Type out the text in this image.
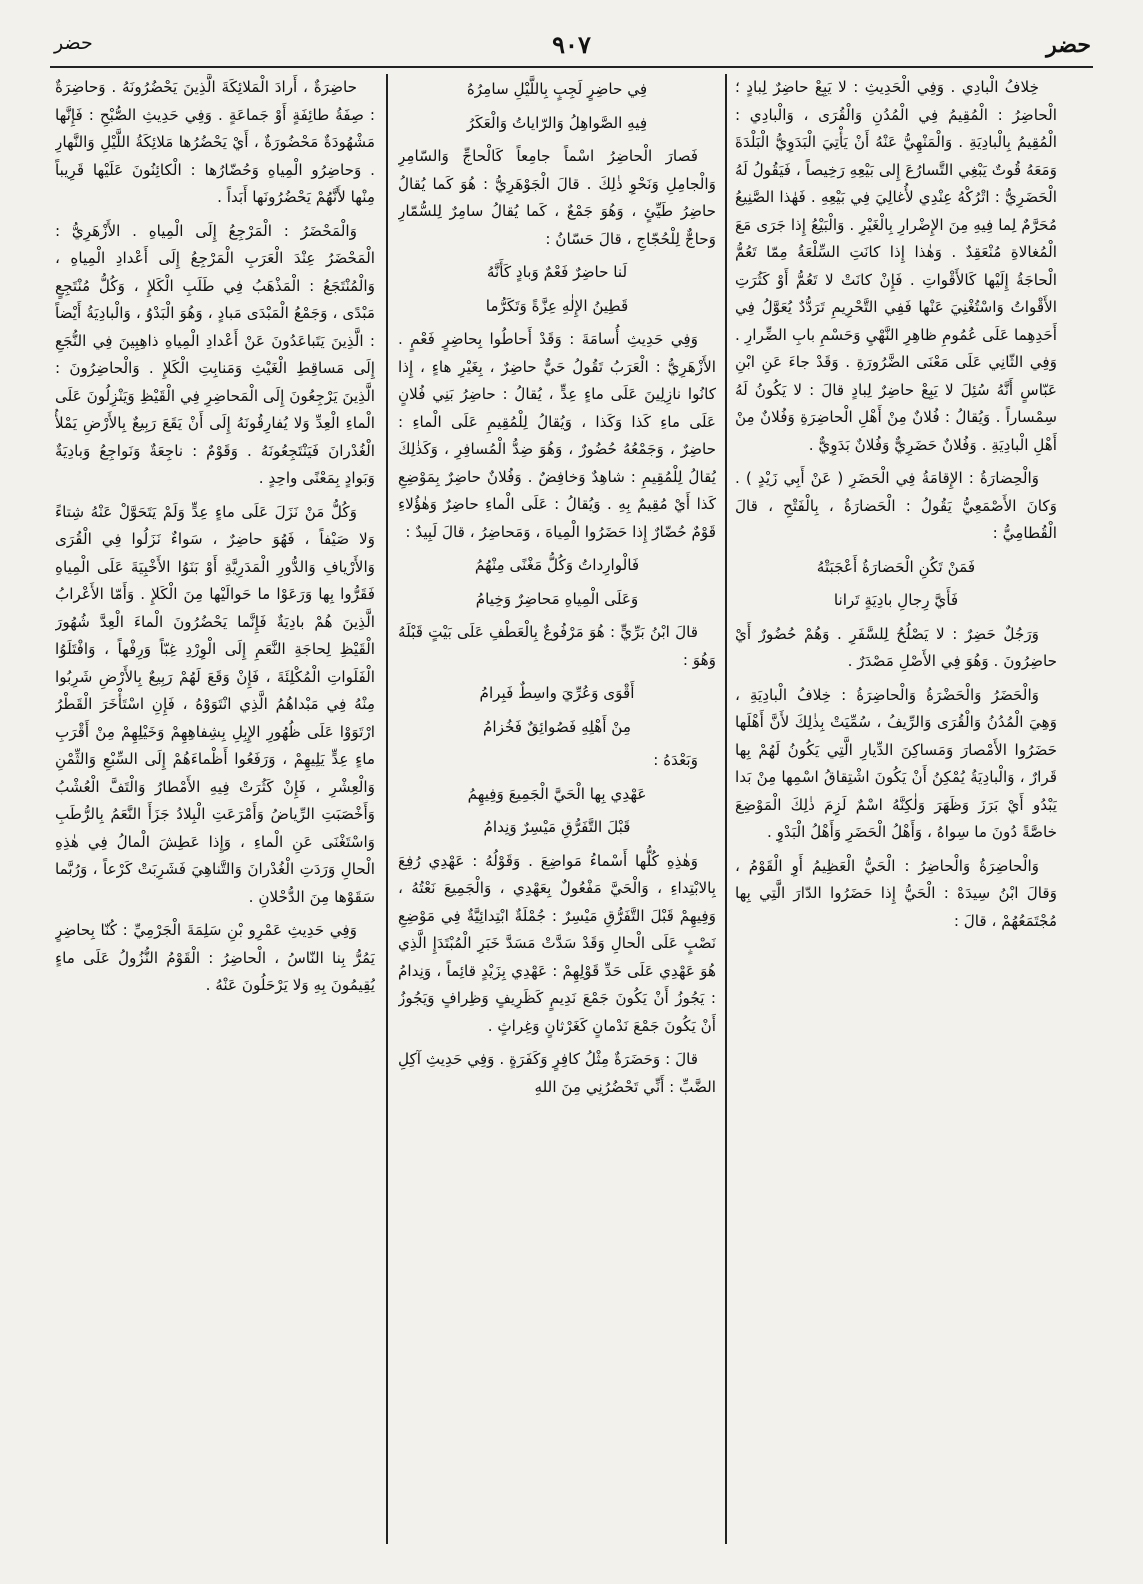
حضر	٩٠٧	حضر

خِلافُ الْبادِي . وَفِي الْحَدِيثِ : لا يَبِعْ حاضِرٌ لِبادٍ ؛ الْحاضِرُ : الْمُقِيمُ فِي الْمُدُنِ وَالْقُرَى ، وَالْبادِي : الْمُقِيمُ بِالْبادِيَةِ . وَالْمَنْهِيُّ عَنْهُ أَنْ يَأْتِيَ الْبَدَوِيُّ الْبَلْدَةَ وَمَعَهُ قُوتٌ يَبْغِي التَّسارُعَ إِلى بَيْعِهِ رَخِيصاً ، فَيَقُولُ لَهُ الْحَضَرِيُّ : اتْرُكْهُ عِنْدِي لأُغالِيَ فِي بَيْعِهِ . فَهٰذا الصَّنِيعُ مُحَرَّمٌ لِما فِيهِ مِنَ الإِضْرارِ بِالْغَيْرِ . وَالْبَيْعُ إِذا جَرَى مَعَ الْمُغالاةِ مُنْعَقِدٌ . وَهٰذا إِذا كانَتِ السِّلْعَةُ مِمّا تَعُمُّ الْحاجَةُ إِلَيْها كَالأَقْواتِ . فَإِنْ كانَتْ لا تَعُمُّ أَوْ كَثُرَتِ الأَقْواتُ وَاسْتُغْنِيَ عَنْها فَفِي التَّحْرِيمِ تَرَدُّدٌ يُعَوَّلُ فِي أَحَدِهِما عَلَى عُمُومِ ظاهِرِ النَّهْيِ وَحَسْمِ بابِ الضِّرارِ . وَفِي الثّانِي عَلَى مَعْنَى الضَّرُورَةِ . وَقَدْ جاءَ عَنِ ابْنِ عَبّاسٍ أَنَّهُ سُئِلَ لا يَبِعْ حاضِرٌ لِبادٍ قالَ : لا يَكُونُ لَهُ سِمْساراً . وَيُقالُ : فُلانٌ مِنْ أَهْلِ الْحاضِرَةِ وَفُلانٌ مِنْ أَهْلِ الْبادِيَةِ . وَفُلانٌ حَضَرِيٌّ وَفُلانٌ بَدَوِيٌّ .

وَالْحِضارَةُ : الإِقامَةُ فِي الْحَضَرِ ( عَنْ أَبِي زَيْدٍ ) . وَكانَ الأَصْمَعِيُّ يَقُولُ : الْحَضارَةُ ، بِالْفَتْحِ ، قالَ الْقُطامِيُّ :

فَمَنْ تَكُنِ الْحَضارَةُ أَعْجَبَتْهُ

فَأَيَّ رِجالِ بادِيَةٍ تَرانا

وَرَجُلٌ حَضِرٌ : لا يَصْلُحُ لِلسَّفَرِ . وَهُمْ حُضُورٌ أَيْ حاضِرُونَ . وَهُوَ فِي الأَصْلِ مَصْدَرٌ .

وَالْحَضَرُ وَالْحَضْرَةُ وَالْحاضِرَةُ : خِلافُ الْبادِيَةِ ، وَهِيَ الْمُدُنُ وَالْقُرَى وَالرِّيفُ ، سُمِّيَتْ بِذٰلِكَ لأَنَّ أَهْلَها حَضَرُوا الأَمْصارَ وَمَساكِنَ الدِّيارِ الَّتِي يَكُونُ لَهُمْ بِها قَرارٌ ، وَالْبادِيَةُ يُمْكِنُ أَنْ يَكُونَ اشْتِقاقُ اسْمِها مِنْ بَدا يَبْدُو أَيْ بَرَزَ وَظَهَرَ وَلٰكِنَّهُ اسْمٌ لَزِمَ ذٰلِكَ الْمَوْضِعَ خاصَّةً دُونَ ما سِواهُ ، وَأَهْلُ الْحَضَرِ وَأَهْلُ الْبَدْوِ .

وَالْحاضِرَةُ وَالْحاضِرُ : الْحَيُّ الْعَظِيمُ أَوِ الْقَوْمُ ، وَقالَ ابْنُ سِيدَهْ : الْحَيُّ إِذا حَضَرُوا الدّارَ الَّتِي بِها مُجْتَمَعُهُمْ ، قالَ :

فِي حاضِرٍ لَجِبٍ بِاللَّيْلِ سامِرُهُ

فِيهِ الصَّواهِلُ وَالرّاياتُ وَالْعَكَرُ

فَصارَ الْحاضِرُ اسْماً جامِعاً كَالْحاجِّ وَالسّامِرِ وَالْجامِلِ وَنَحْوِ ذٰلِكَ . قالَ الْجَوْهَرِيُّ : هُوَ كَما يُقالُ حاضِرُ طَيِّئٍ ، وَهُوَ جَمْعٌ ، كَما يُقالُ سامِرٌ لِلسُّمّارِ وَحاجٌّ لِلْحُجّاجِ ، قالَ حَسّانُ :

لَنا حاضِرٌ فَعْمٌ وَبادٍ كَأَنَّهُ

قَطِينُ الإِلٰهِ عِزَّةً وَتَكَرُّما

وَفِي حَدِيثِ أُسامَةَ : وَقَدْ أَحاطُوا بِحاضِرٍ فَعْمٍ . الأَزْهَرِيُّ : الْعَرَبُ تَقُولُ حَيٌّ حاضِرٌ ، بِغَيْرِ هاءٍ ، إِذا كانُوا نازِلِينَ عَلَى ماءٍ عِدٍّ ، يُقالُ : حاضِرُ بَنِي فُلانٍ عَلَى ماءِ كَذا وَكَذا ، وَيُقالُ لِلْمُقِيمِ عَلَى الْماءِ : حاضِرٌ ، وَجَمْعُهُ حُضُورٌ ، وَهُوَ ضِدُّ الْمُسافِرِ ، وَكَذٰلِكَ يُقالُ لِلْمُقِيمِ : شاهِدٌ وَخافِضٌ . وَفُلانٌ حاضِرٌ بِمَوْضِعِ كَذا أَيْ مُقِيمٌ بِهِ . وَيُقالُ : عَلَى الْماءِ حاضِرٌ وَهٰؤُلاءِ قَوْمٌ حُضّارٌ إِذا حَضَرُوا الْمِياهَ ، وَمَحاضِرُ ، قالَ لَبِيدٌ :

فَالْوارِداتُ وَكُلُّ مَغْنًى مِنْهُمُ

وَعَلَى الْمِياهِ مَحاضِرٌ وَخِيامُ

قالَ ابْنُ بَرِّيٍّ : هُوَ مَرْفُوعٌ بِالْعَطْفِ عَلَى بَيْتٍ قَبْلَهُ وَهُوَ :

أَقْوَى وَعُرِّيَ واسِطٌ فَبِرامُ

مِنْ أَهْلِهِ فَصُوائِقٌ فَخُزامُ

وَبَعْدَهُ :

عَهْدِي بِها الْحَيَّ الْجَمِيعَ وَفِيهِمُ

قَبْلَ التَّفَرُّقِ مَيْسِرٌ وَنِدامُ

وَهٰذِهِ كُلُّها أَسْماءُ مَواضِعَ . وَقَوْلُهُ : عَهْدِي رُفِعَ بِالابْتِداءِ ، وَالْحَيَّ مَفْعُولٌ بِعَهْدِي ، وَالْجَمِيعَ نَعْتُهُ ، وَفِيهِمْ قَبْلَ التَّفَرُّقِ مَيْسِرٌ : جُمْلَةٌ ابْتِدائِيَّةٌ فِي مَوْضِعِ نَصْبٍ عَلَى الْحالِ وَقَدْ سَدَّتْ مَسَدَّ خَبَرِ الْمُبْتَدَإِ الَّذِي هُوَ عَهْدِي عَلَى حَدِّ قَوْلِهِمْ : عَهْدِي بِزَيْدٍ قائِماً ، وَنِدامُ : يَجُوزُ أَنْ يَكُونَ جَمْعَ نَدِيمٍ كَظَرِيفٍ وَظِرافٍ وَيَجُوزُ أَنْ يَكُونَ جَمْعَ نَدْمانٍ كَغَرْثانٍ وَغِراثٍ .

قالَ : وَحَضَرَةٌ مِثْلُ كافِرٍ وَكَفَرَةٍ . وَفِي حَدِيثِ آكِلِ الضَّبِّ : أَنِّي تَحْضُرُنِي مِنَ اللهِ

حاضِرَةٌ ، أَرادَ الْمَلائِكَةَ الَّذِينَ يَحْضُرُونَهُ . وَحاضِرَةٌ : صِفَةُ طائِفَةٍ أَوْ جَماعَةٍ . وَفِي حَدِيثِ الصُّبْحِ : فَإِنَّها مَشْهُودَةٌ مَحْضُورَةٌ ، أَيْ يَحْضُرُها مَلائِكَةُ اللَّيْلِ وَالنَّهارِ . وَحاضِرُو الْمِياهِ وَحُضّارُها : الْكائِنُونَ عَلَيْها قَرِيباً مِنْها لأَنَّهُمْ يَحْضُرُونَها أَبَداً .

وَالْمَحْضَرُ : الْمَرْجِعُ إِلَى الْمِياهِ . الأَزْهَرِيُّ : الْمَحْضَرُ عِنْدَ الْعَرَبِ الْمَرْجِعُ إِلَى أَعْدادِ الْمِياهِ ، وَالْمُنْتَجَعُ : الْمَذْهَبُ فِي طَلَبِ الْكَلإِ ، وَكُلُّ مُنْتَجِعٍ مَبْدًى ، وَجَمْعُ الْمَبْدَى مَبادٍ ، وَهُوَ الْبَدْوُ ، وَالْبادِيَةُ أَيْضاً : الَّذِينَ يَتَباعَدُونَ عَنْ أَعْدادِ الْمِياهِ ذاهِبِينَ فِي النُّجَعِ إِلَى مَساقِطِ الْغَيْثِ وَمَنابِتِ الْكَلإِ . وَالْحاضِرُونَ : الَّذِينَ يَرْجِعُونَ إِلَى الْمَحاضِرِ فِي الْقَيْظِ وَيَنْزِلُونَ عَلَى الْماءِ الْعِدِّ وَلا يُفارِقُونَهُ إِلَى أَنْ يَقَعَ رَبِيعٌ بِالأَرْضِ يَمْلأُ الْغُدْرانَ فَيَنْتَجِعُونَهُ . وَقَوْمٌ : ناجِعَةٌ وَنَواجِعُ وَبادِيَةٌ وَبَوادٍ بِمَعْنًى واحِدٍ .

وَكُلُّ مَنْ نَزَلَ عَلَى ماءٍ عِدٍّ وَلَمْ يَتَحَوَّلْ عَنْهُ شِتاءً وَلا صَيْفاً ، فَهُوَ حاضِرٌ ، سَواءٌ نَزَلُوا فِي الْقُرَى وَالأَرْيافِ وَالدُّورِ الْمَدَرِيَّةِ أَوْ بَنَوُا الأَخْبِيَةَ عَلَى الْمِياهِ فَقَرُّوا بِها وَرَعَوْا ما حَوالَيْها مِنَ الْكَلإِ . وَأَمّا الأَعْرابُ الَّذِينَ هُمْ بادِيَةٌ فَإِنَّما يَحْضُرُونَ الْماءَ الْعِدَّ شُهُورَ الْقَيْظِ لِحاجَةِ النَّعَمِ إِلَى الْوِرْدِ غِبّاً وَرِفْهاً ، وَافْتَلَوُا الْفَلَواتِ الْمُكْلِئَةَ ، فَإِنْ وَقَعَ لَهُمْ رَبِيعٌ بِالأَرْضِ شَرِبُوا مِنْهُ فِي مَبْداهُمُ الَّذِي انْتَوَوْهُ ، فَإِنِ اسْتَأْخَرَ الْقَطْرُ ارْتَوَوْا عَلَى ظُهُورِ الإِبِلِ بِشِفاهِهِمْ وَخَيْلِهِمْ مِنْ أَقْرَبِ ماءٍ عِدٍّ يَلِيهِمْ ، وَرَفَعُوا أَظْماءَهُمْ إِلَى السِّبْعِ وَالثِّمْنِ وَالْعِشْرِ ، فَإِنْ كَثُرَتْ فِيهِ الأَمْطارُ وَالْتَفَّ الْعُشْبُ وَأَخْصَبَتِ الرِّياضُ وَأَمْرَعَتِ الْبِلادُ جَزَأَ النَّعَمُ بِالرُّطَبِ وَاسْتَغْنَى عَنِ الْماءِ ، وَإِذا عَطِشَ الْمالُ فِي هٰذِهِ الْحالِ وَرَدَتِ الْغُدْرانَ وَالتَّناهِيَ فَشَرِبَتْ كَرْعاً ، وَرُبَّما سَقَوْها مِنَ الدُّحْلانِ .

وَفِي حَدِيثِ عَمْرِو بْنِ سَلِمَةَ الْجَرْمِيِّ : كُنّا بِحاضِرٍ يَمُرُّ بِنا النّاسُ ، الْحاضِرُ : الْقَوْمُ النُّزُولُ عَلَى ماءٍ يُقِيمُونَ بِهِ وَلا يَرْحَلُونَ عَنْهُ .
